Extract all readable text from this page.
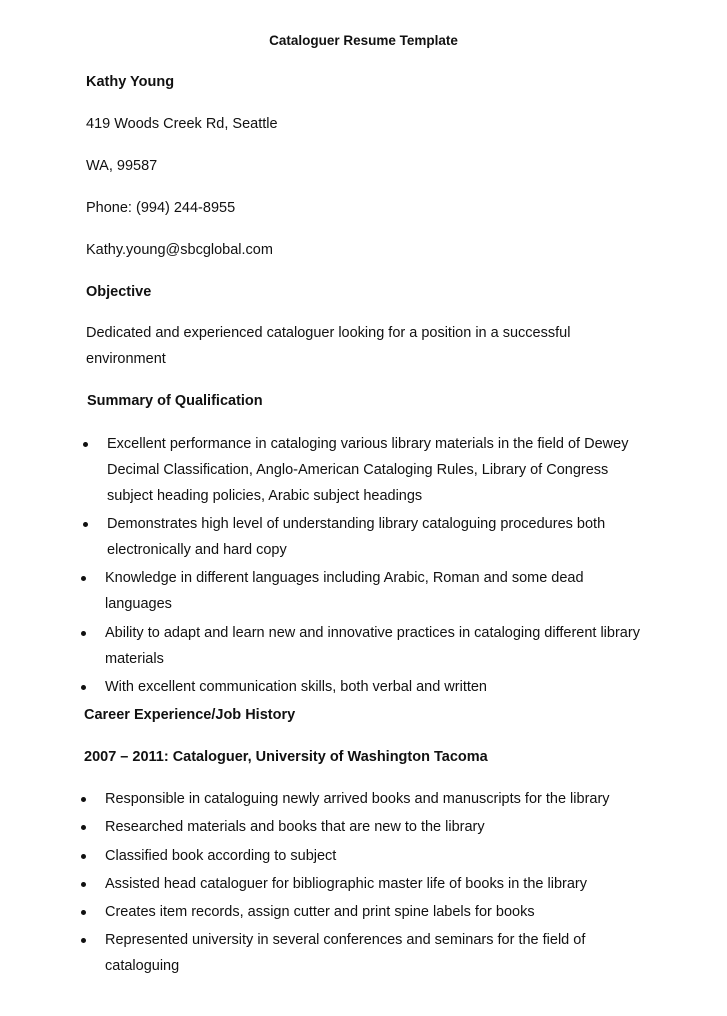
Cataloguer Resume Template
Kathy Young
419 Woods Creek Rd, Seattle
WA, 99587
Phone: (994) 244-8955
Kathy.young@sbcglobal.com
Objective
Dedicated and experienced cataloguer looking for a position in a successful
environment
Summary of Qualification
Excellent performance in cataloging various library materials in the field of Dewey
Decimal Classification, Anglo-American Cataloging Rules, Library of Congress
subject heading policies, Arabic subject headings
Demonstrates high level of understanding library cataloguing procedures both
electronically and hard copy
Knowledge in different languages including Arabic, Roman and some dead
languages
Ability to adapt and learn new and innovative practices in cataloging different library
materials
With excellent communication skills, both verbal and written
Career Experience/Job History
2007 – 2011: Cataloguer, University of Washington Tacoma
Responsible in cataloguing newly arrived books and manuscripts for the library
Researched materials and books that are new to the library
Classified book according to subject
Assisted head cataloguer for bibliographic master life of books in the library
Creates item records, assign cutter and print spine labels for books
Represented university in several conferences and seminars for the field of
cataloguing
